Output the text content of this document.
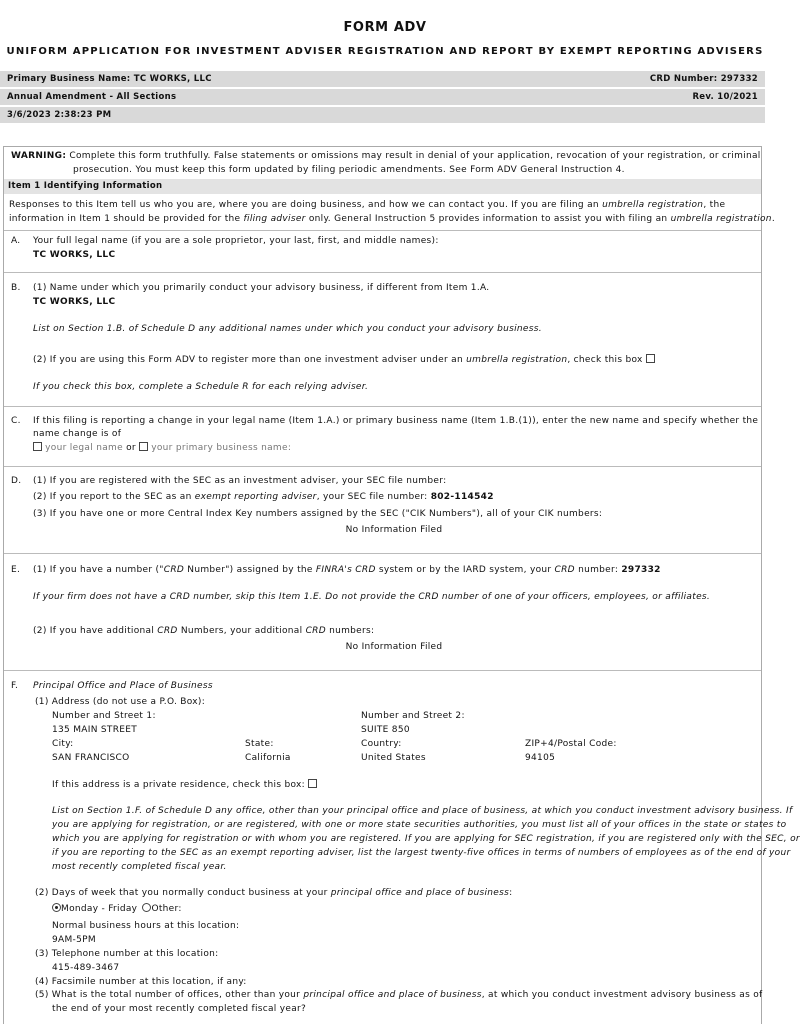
FORM ADV
UNIFORM APPLICATION FOR INVESTMENT ADVISER REGISTRATION AND REPORT BY EXEMPT REPORTING ADVISERS
Primary Business Name: TC WORKS, LLC	CRD Number: 297332
Annual Amendment - All Sections	Rev. 10/2021
3/6/2023 2:38:23 PM
WARNING: Complete this form truthfully. False statements or omissions may result in denial of your application, revocation of your registration, or criminal
prosecution. You must keep this form updated by filing periodic amendments. See Form ADV General Instruction 4.
Item 1 Identifying Information
Responses to this Item tell us who you are, where you are doing business, and how we can contact you. If you are filing an umbrella registration, the
information in Item 1 should be provided for the filing adviser only. General Instruction 5 provides information to assist you with filing an umbrella registration.
A. Your full legal name (if you are a sole proprietor, your last, first, and middle names):
TC WORKS, LLC
B. (1) Name under which you primarily conduct your advisory business, if different from Item 1.A.
TC WORKS, LLC
List on Section 1.B. of Schedule D any additional names under which you conduct your advisory business.
(2) If you are using this Form ADV to register more than one investment adviser under an umbrella registration, check this box
If you check this box, complete a Schedule R for each relying adviser.
C. If this filing is reporting a change in your legal name (Item 1.A.) or primary business name (Item 1.B.(1)), enter the new name and specify whether the
name change is of
your legal name or your primary business name:
D. (1) If you are registered with the SEC as an investment adviser, your SEC file number:
(2) If you report to the SEC as an exempt reporting adviser, your SEC file number: 802-114542
(3) If you have one or more Central Index Key numbers assigned by the SEC ("CIK Numbers"), all of your CIK numbers:
No Information Filed
E. (1) If you have a number ("CRD Number") assigned by the FINRA's CRD system or by the IARD system, your CRD number: 297332
If your firm does not have a CRD number, skip this Item 1.E. Do not provide the CRD number of one of your officers, employees, or affiliates.
(2) If you have additional CRD Numbers, your additional CRD numbers:
No Information Filed
F. Principal Office and Place of Business
(1) Address (do not use a P.O. Box):
Number and Street 1:	Number and Street 2:
135 MAIN STREET	SUITE 850
City:	State:	Country:	ZIP+4/Postal Code:
SAN FRANCISCO	California	United States	94105
If this address is a private residence, check this box:
List on Section 1.F. of Schedule D any office, other than your principal office and place of business, at which you conduct investment advisory business. If
you are applying for registration, or are registered, with one or more state securities authorities, you must list all of your offices in the state or states to
which you are applying for registration or with whom you are registered. If you are applying for SEC registration, if you are registered only with the SEC, or
if you are reporting to the SEC as an exempt reporting adviser, list the largest twenty-five offices in terms of numbers of employees as of the end of your
most recently completed fiscal year.
(2) Days of week that you normally conduct business at your principal office and place of business:
Monday - Friday Other:
Normal business hours at this location:
9AM-5PM
(3) Telephone number at this location:
415-489-3467
(4) Facsimile number at this location, if any:
(5) What is the total number of offices, other than your principal office and place of business, at which you conduct investment advisory business as of
the end of your most recently completed fiscal year?
